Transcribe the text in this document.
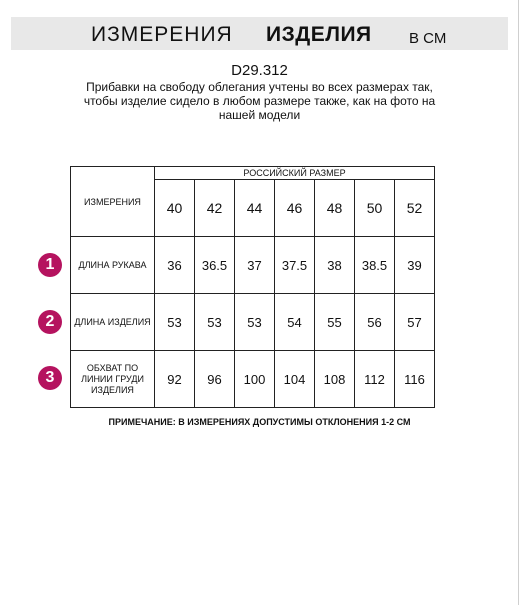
ИЗМЕРЕНИЯ ИЗДЕЛИЯ В СМ
D29.312
Прибавки на свободу облегания учтены во всех размерах так, чтобы изделие сидело в любом размере также, как на фото на нашей модели
1
2
3
ИЗМЕРЕНИЯ	РОССИЙСКИЙ РАЗМЕР						
	40	42	44	46	48	50	52
ДЛИНА РУКАВА	36	36.5	37	37.5	38	38.5	39
ДЛИНА ИЗДЕЛИЯ	53	53	53	54	55	56	57
ОБХВАТ ПО ЛИНИИ ГРУДИ ИЗДЕЛИЯ	92	96	100	104	108	112	116
ПРИМЕЧАНИЕ: В ИЗМЕРЕНИЯХ ДОПУСТИМЫ ОТКЛОНЕНИЯ 1-2 СМ
